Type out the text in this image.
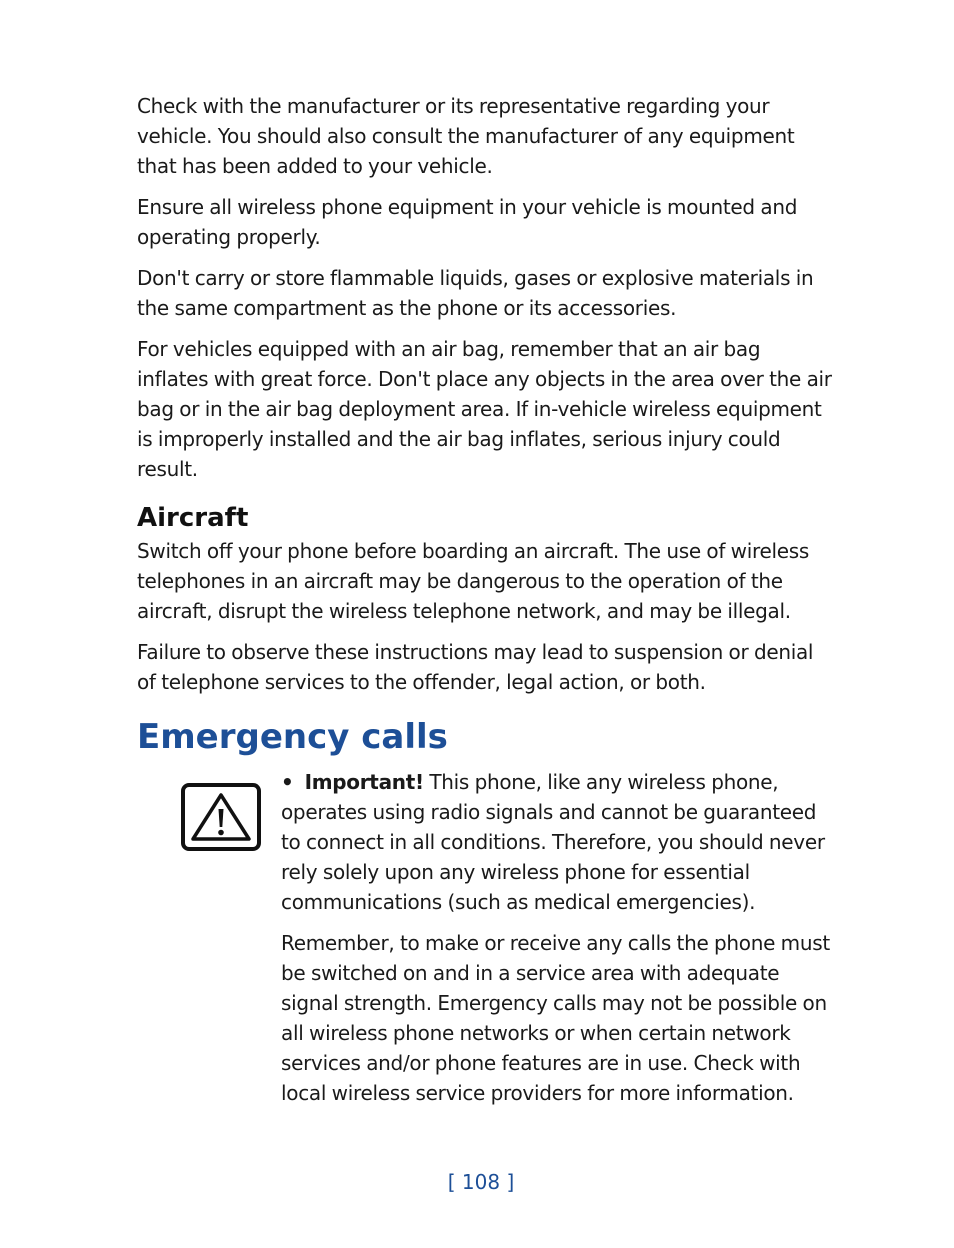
Check with the manufacturer or its representative regarding your vehicle. You should also consult the manufacturer of any equipment that has been added to your vehicle.

Ensure all wireless phone equipment in your vehicle is mounted and operating properly.

Don't carry or store flammable liquids, gases or explosive materials in the same compartment as the phone or its accessories.

For vehicles equipped with an air bag, remember that an air bag inflates with great force. Don't place any objects in the area over the air bag or in the air bag deployment area. If in-vehicle wireless equipment is improperly installed and the air bag inflates, serious injury could result.

Aircraft

Switch off your phone before boarding an aircraft. The use of wireless telephones in an aircraft may be dangerous to the operation of the aircraft, disrupt the wireless telephone network, and may be illegal.

Failure to observe these instructions may lead to suspension or denial of telephone services to the offender, legal action, or both.

Emergency calls

• Important! This phone, like any wireless phone, operates using radio signals and cannot be guaranteed to connect in all conditions. Therefore, you should never rely solely upon any wireless phone for essential communications (such as medical emergencies).

Remember, to make or receive any calls the phone must be switched on and in a service area with adequate signal strength. Emergency calls may not be possible on all wireless phone networks or when certain network services and/or phone features are in use. Check with local wireless service providers for more information.

[ 108 ]
